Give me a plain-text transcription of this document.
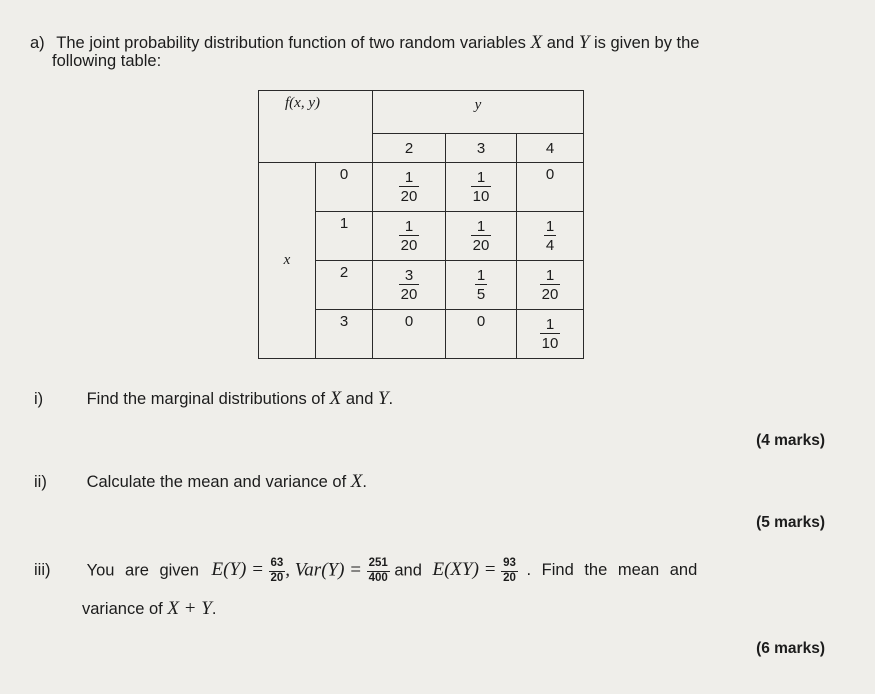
a) The joint probability distribution function of two random variables X and Y is given by the
following table:
f(x, y)		y		
		2	3	4
x	0	$\frac{1}{20}$	$\frac{1}{10}$	0
	1	$\frac{1}{20}$	$\frac{1}{20}$	$\frac{1}{4}$

	2	$\frac{3}{20}$	$\frac{1}{5}$	$\frac{1}{20}$

	3	0	0	$\frac{1}{10}$
i)	Find the marginal distributions of X and Y.
(4 marks)
ii) Calculate the mean and variance of X.
(5 marks)
iii) You are given $E(Y) = \frac{63}{20}$ , $Var(Y) = \frac{251}{400}$ and $E(XY) = \frac{93}{20}$ . Find the mean and
variance of X + Y.
(6 marks)
